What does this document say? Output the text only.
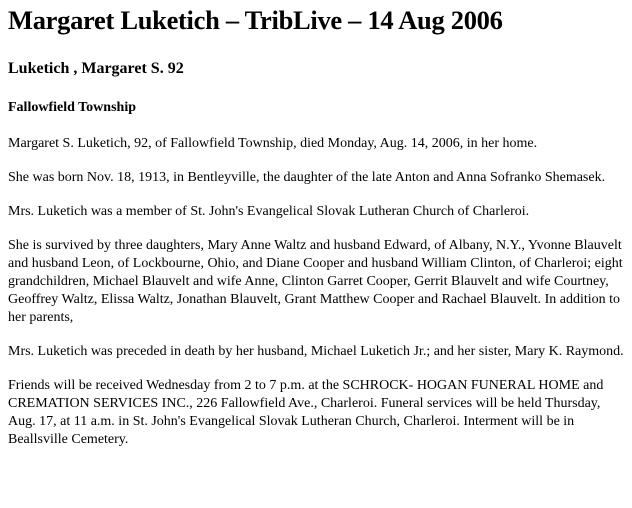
Margaret Luketich – TribLive – 14 Aug 2006
Luketich , Margaret S. 92
Fallowfield Township

Margaret S. Luketich, 92, of Fallowfield Township, died Monday, Aug. 14, 2006, in her home.

She was born Nov. 18, 1913, in Bentleyville, the daughter of the late Anton and Anna Sofranko Shemasek.

Mrs. Luketich was a member of St. John's Evangelical Slovak Lutheran Church of Charleroi.

She is survived by three daughters, Mary Anne Waltz and husband Edward, of Albany, N.Y., Yvonne Blauvelt and husband Leon, of Lockbourne, Ohio, and Diane Cooper and husband William Clinton, of Charleroi; eight grandchildren, Michael Blauvelt and wife Anne, Clinton Garret Cooper, Gerrit Blauvelt and wife Courtney, Geoffrey Waltz, Elissa Waltz, Jonathan Blauvelt, Grant Matthew Cooper and Rachael Blauvelt. In addition to her parents,

Mrs. Luketich was preceded in death by her husband, Michael Luketich Jr.; and her sister, Mary K. Raymond.

Friends will be received Wednesday from 2 to 7 p.m. at the SCHROCK- HOGAN FUNERAL HOME and CREMATION SERVICES INC., 226 Fallowfield Ave., Charleroi. Funeral services will be held Thursday, Aug. 17, at 11 a.m. in St. John's Evangelical Slovak Lutheran Church, Charleroi. Interment will be in Beallsville Cemetery.
